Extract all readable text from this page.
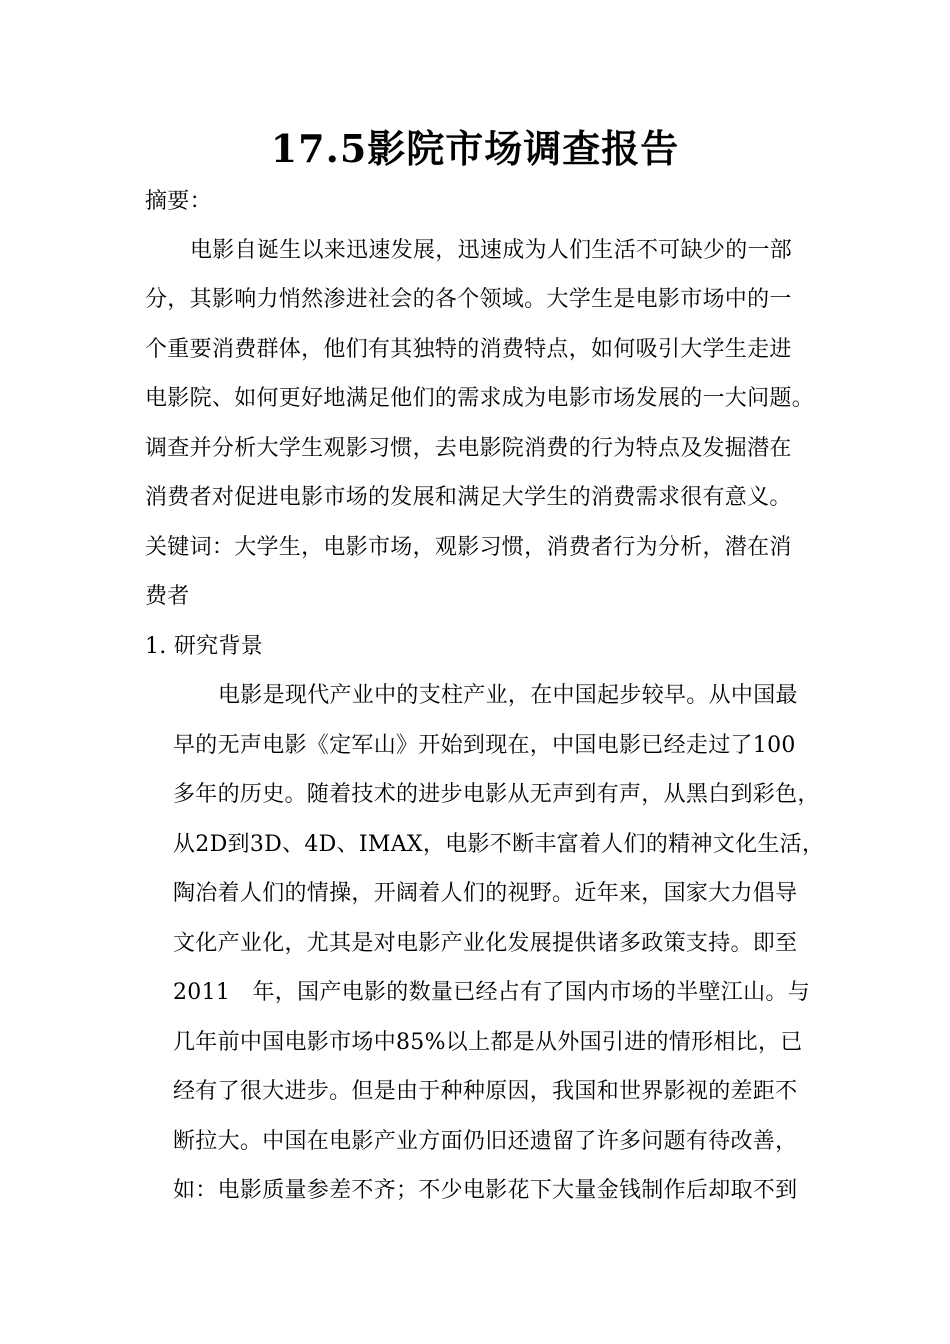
17.5影院市场调查报告
摘要：
电影自诞生以来迅速发展，迅速成为人们生活不可缺少的一部
分，其影响力悄然渗进社会的各个领域。大学生是电影市场中的一
个重要消费群体，他们有其独特的消费特点，如何吸引大学生走进
电影院、如何更好地满足他们的需求成为电影市场发展的一大问题。
调查并分析大学生观影习惯，去电影院消费的行为特点及发掘潜在
消费者对促进电影市场的发展和满足大学生的消费需求很有意义。
关键词：大学生，电影市场，观影习惯，消费者行为分析，潜在消
费者
1. 研究背景
电影是现代产业中的支柱产业，在中国起步较早。从中国最
早的无声电影《定军山》开始到现在，中国电影已经走过了100
多年的历史。随着技术的进步电影从无声到有声，从黑白到彩色，
从2D到3D、4D、IMAX，电影不断丰富着人们的精神文化生活，
陶冶着人们的情操，开阔着人们的视野。近年来，国家大力倡导
文化产业化，尤其是对电影产业化发展提供诸多政策支持。即至
2011　年，国产电影的数量已经占有了国内市场的半壁江山。与
几年前中国电影市场中85%以上都是从外国引进的情形相比，已
经有了很大进步。但是由于种种原因，我国和世界影视的差距不
断拉大。中国在电影产业方面仍旧还遗留了许多问题有待改善，
如：电影质量参差不齐；不少电影花下大量金钱制作后却取不到
